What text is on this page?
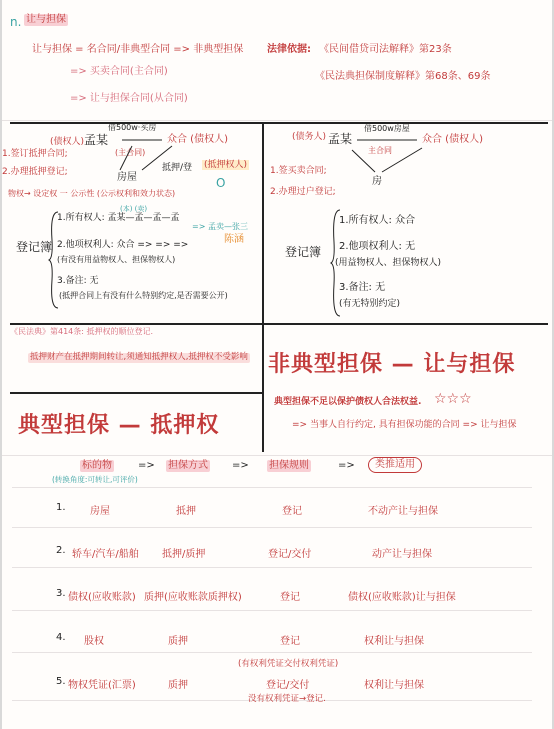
n. 让与担保
让与担保 = 名合同/非典型合同 => 非典型担保
=> 买卖合同(主合同)
=> 让与担保合同(从合同)
法律依据: 《民间借贷司法解释》第23条
《民法典担保制度解释》第68条、69条
(债权人) 孟某
借500w·买房
(主合同)
众合 (债权人)
房屋
抵押/登 (抵押权人)
1.签订抵押合同;
2.办理抵押登记;
物权→ 设定权 一 公示性 (公示权利和效力状态)
O
登记簿
1.所有权人: 孟某—孟—孟—孟
(本) (卖)
=> 孟卖—张三
2.他项权利人: 众合 => => =>
(有没有用益物权人、担保物权人)
陈涵
3.备注: 无
(抵押合同上有没有什么特别约定,是否需要公开)
(债务人) 孟某
借500w房屋
主合同
众合 (债权人)
房
1.签买卖合同;
2.办理过户登记;
登记簿
1.所有权人: 众合
2.他项权利人: 无
(用益物权人、担保物权人)
3.备注: 无
(有无特别约定)
《民法典》第414条: 抵押权的顺位登记.
抵押财产在抵押期间转让,须通知抵押权人,抵押权不受影响
典型担保 — 抵押权
非典型担保 — 让与担保
典型担保不足以保护债权人合法权益. ☆☆☆
=> 当事人自行约定, 具有担保功能的合同 => 让与担保
标的物	=> 担保方式 => 担保规则	=>	类推适用
(转换角度:可转让,可评价)
1. 房屋	抵押	登记	不动产让与担保
2. 轿车/汽车/船舶 抵押/质押	登记/交付	动产让与担保
3. 债权(应收账款) 质押(应收账款质押权)	登记	债权(应收账款)让与担保
4. 股权	质押	登记	权利让与担保
5. 物权凭证(汇票)	质押	登记/交付	权利让与担保
(有权利凭证交付权利凭证)
没有权利凭证→登记.
